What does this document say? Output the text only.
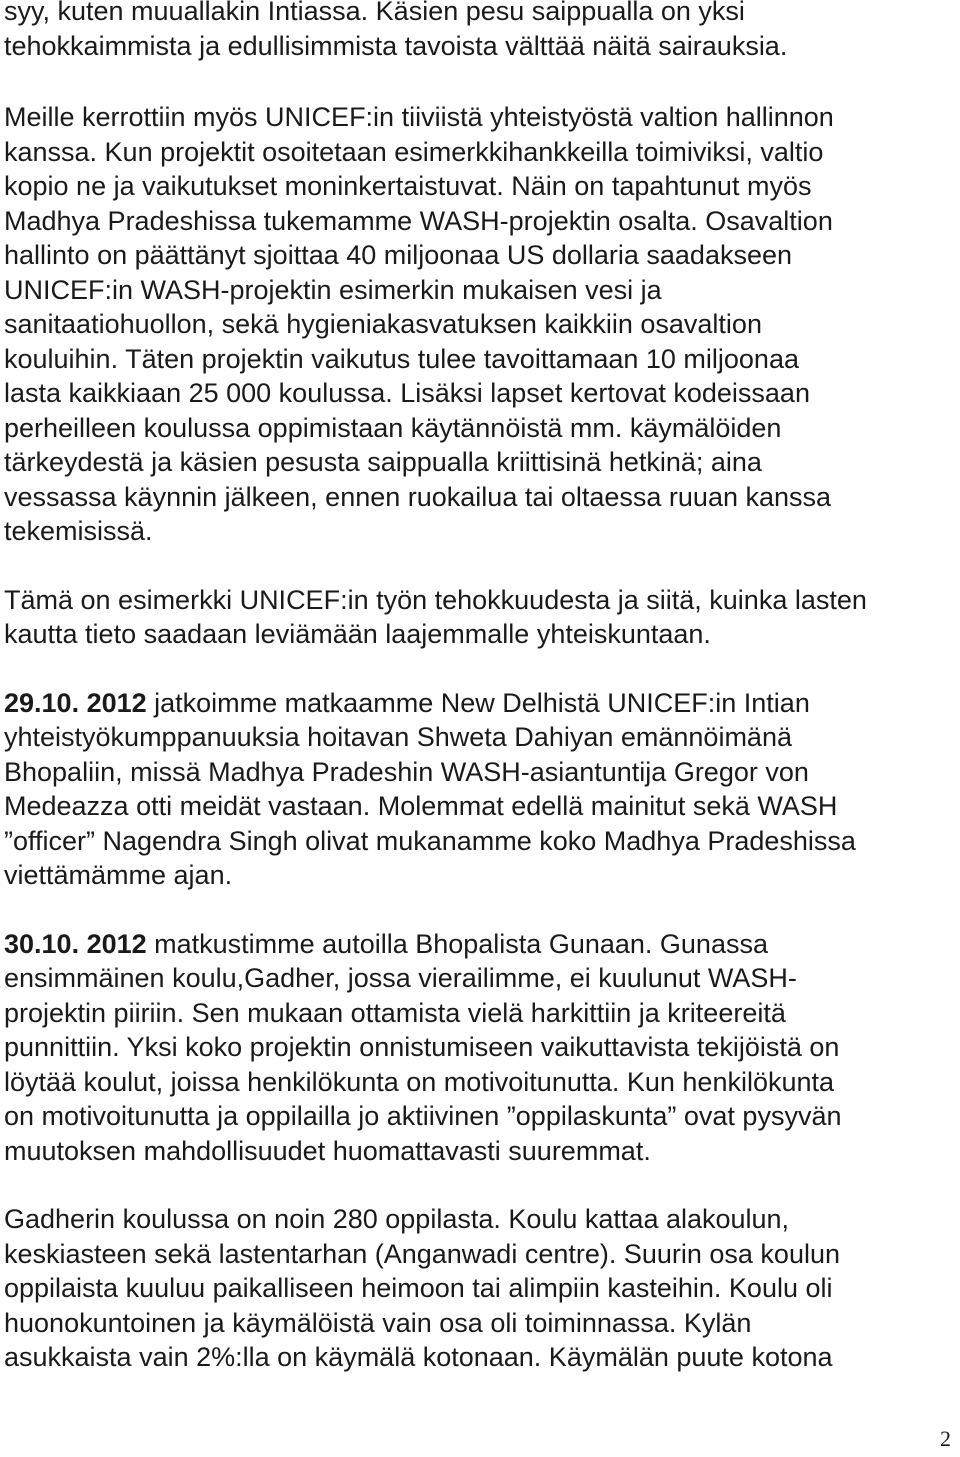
syy, kuten muuallakin Intiassa. Käsien pesu saippualla on yksi
tehokkaimmista ja edullisimmista tavoista välttää näitä sairauksia.

Meille kerrottiin myös UNICEF:in tiiviistä yhteistyöstä valtion hallinnon
kanssa. Kun projektit osoitetaan esimerkkihankkeilla toimiviksi, valtio
kopio ne ja vaikutukset moninkertaistuvat. Näin on tapahtunut myös
Madhya Pradeshissa tukemamme WASH-projektin osalta. Osavaltion
hallinto on päättänyt sjoittaa 40 miljoonaa US dollaria saadakseen
UNICEF:in WASH-projektin esimerkin mukaisen vesi ja
sanitaatiohuollon, sekä hygieniakasvatuksen kaikkiin osavaltion
kouluihin. Täten projektin vaikutus tulee tavoittamaan 10 miljoonaa
lasta kaikkiaan 25 000 koulussa. Lisäksi lapset kertovat kodeissaan
perheilleen koulussa oppimistaan käytännöistä mm. käymälöiden
tärkeydestä ja käsien pesusta saippualla kriittisinä hetkinä; aina
vessassa käynnin jälkeen, ennen ruokailua tai oltaessa ruuan kanssa
tekemisissä.

Tämä on esimerkki UNICEF:in työn tehokkuudesta ja siitä, kuinka lasten
kautta tieto saadaan leviämään laajemmalle yhteiskuntaan.

29.10. 2012 jatkoimme matkaamme New Delhistä UNICEF:in Intian
yhteistyökumppanuuksia hoitavan Shweta Dahiyan emännöimänä
Bhopaliin, missä Madhya Pradeshin WASH-asiantuntija Gregor von
Medeazza otti meidät vastaan. Molemmat edellä mainitut sekä WASH
”officer” Nagendra Singh olivat mukanamme koko Madhya Pradeshissa
viettämämme ajan.

30.10. 2012 matkustimme autoilla Bhopalista Gunaan. Gunassa
ensimmäinen koulu,Gadher, jossa vierailimme, ei kuulunut WASH-
projektin piiriin. Sen mukaan ottamista vielä harkittiin ja kriteereitä
punnittiin. Yksi koko projektin onnistumiseen vaikuttavista tekijöistä on
löytää koulut, joissa henkilökunta on motivoitunutta. Kun henkilökunta
on motivoitunutta ja oppilailla jo aktiivinen ”oppilaskunta” ovat pysyvän
muutoksen mahdollisuudet huomattavasti suuremmat.

Gadherin koulussa on noin 280 oppilasta. Koulu kattaa alakoulun,
keskiasteen sekä lastentarhan (Anganwadi centre). Suurin osa koulun
oppilaista kuuluu paikalliseen heimoon tai alimpiin kasteihin. Koulu oli
huonokuntoinen ja käymälöistä vain osa oli toiminnassa. Kylän
asukkaista vain 2%:lla on käymälä kotonaan. Käymälän puute kotona

2
